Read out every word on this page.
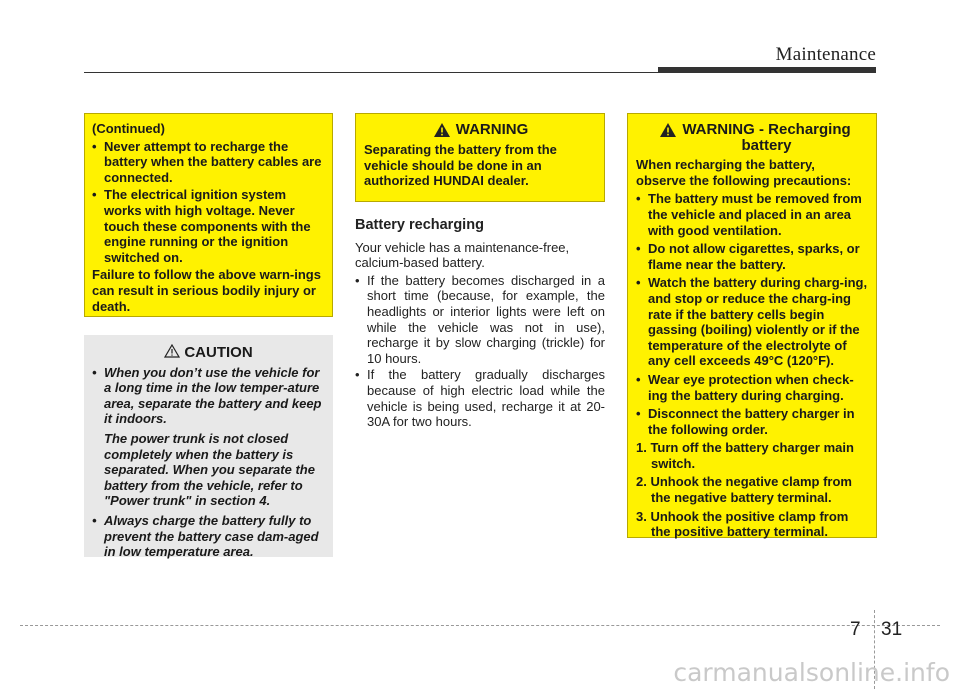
Maintenance

(Continued)

• Never attempt to recharge the battery when the battery cables are connected.
• The electrical ignition system works with high voltage. Never touch these components with the engine running or the ignition switched on.

Failure to follow the above warn-ings can result in serious bodily injury or death.

CAUTION
• When you don’t use the vehicle for a long time in the low temper-ature area, separate the battery and keep it indoors.

The power trunk is not closed completely when the battery is separated. When you separate the battery from the vehicle, refer to "Power trunk" in section 4.

• Always charge the battery fully to prevent the battery case dam-aged in low temperature area.
WARNING

Separating the battery from the vehicle should be done in an authorized HUNDAI dealer.

Battery recharging

Your vehicle has a maintenance-free, calcium-based battery.

• If the battery becomes discharged in a short time (because, for example, the headlights or interior lights were left on while the vehicle was not in use), recharge it by slow charging (trickle) for 10 hours.
• If the battery gradually discharges because of high electric load while the vehicle is being used, recharge it at 20-30A for two hours.
WARNING - Recharging
battery

When recharging the battery, observe the following precautions:

• The battery must be removed from the vehicle and placed in an area with good ventilation.
• Do not allow cigarettes, sparks, or flame near the battery.
• Watch the battery during charg-ing, and stop or reduce the charg-ing rate if the battery cells begin gassing (boiling) violently or if the temperature of the electrolyte of any cell exceeds 49°C (120°F).
• Wear eye protection when check-ing the battery during charging.
• Disconnect the battery charger in the following order.
1. Turn off the battery charger main switch.
2. Unhook the negative clamp from the negative battery terminal.
3. Unhook the positive clamp from the positive battery terminal.
7 31
carmanualsonline.info
